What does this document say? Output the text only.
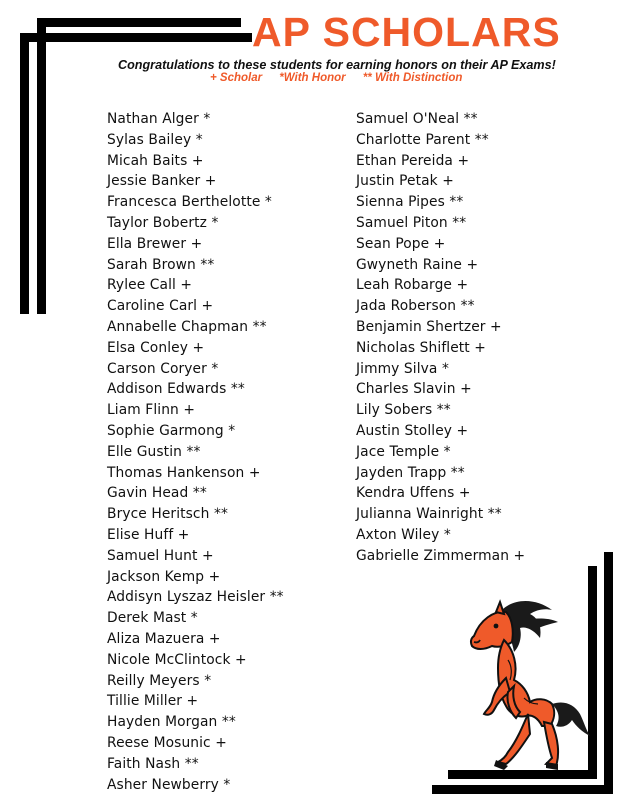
AP SCHOLARS

Congratulations to these students for earning honors on their AP Exams!

+ Scholar *With Honor ** With Distinction
Nathan Alger *
Sylas Bailey *
Micah Baits +
Jessie Banker +
Francesca Berthelotte *
Taylor Bobertz *
Ella Brewer +
Sarah Brown **
Rylee Call +
Caroline Carl +
Annabelle Chapman **
Elsa Conley +
Carson Coryer *
Addison Edwards **
Liam Flinn +
Sophie Garmong *
Elle Gustin **
Thomas Hankenson +
Gavin Head **
Bryce Heritsch **
Elise Huff +
Samuel Hunt +
Jackson Kemp +
Addisyn Lyszaz Heisler **
Derek Mast *
Aliza Mazuera +
Nicole McClintock +
Reilly Meyers *
Tillie Miller +
Hayden Morgan **
Reese Mosunic +
Faith Nash **
Asher Newberry *
Samuel O'Neal **
Charlotte Parent **
Ethan Pereida +
Justin Petak +
Sienna Pipes **
Samuel Piton **
Sean Pope +
Gwyneth Raine +
Leah Robarge +
Jada Roberson **
Benjamin Shertzer +
Nicholas Shiflett +
Jimmy Silva *
Charles Slavin +
Lily Sobers **
Austin Stolley +
Jace Temple *
Jayden Trapp **
Kendra Uffens +
Julianna Wainright **
Axton Wiley *
Gabrielle Zimmerman +
